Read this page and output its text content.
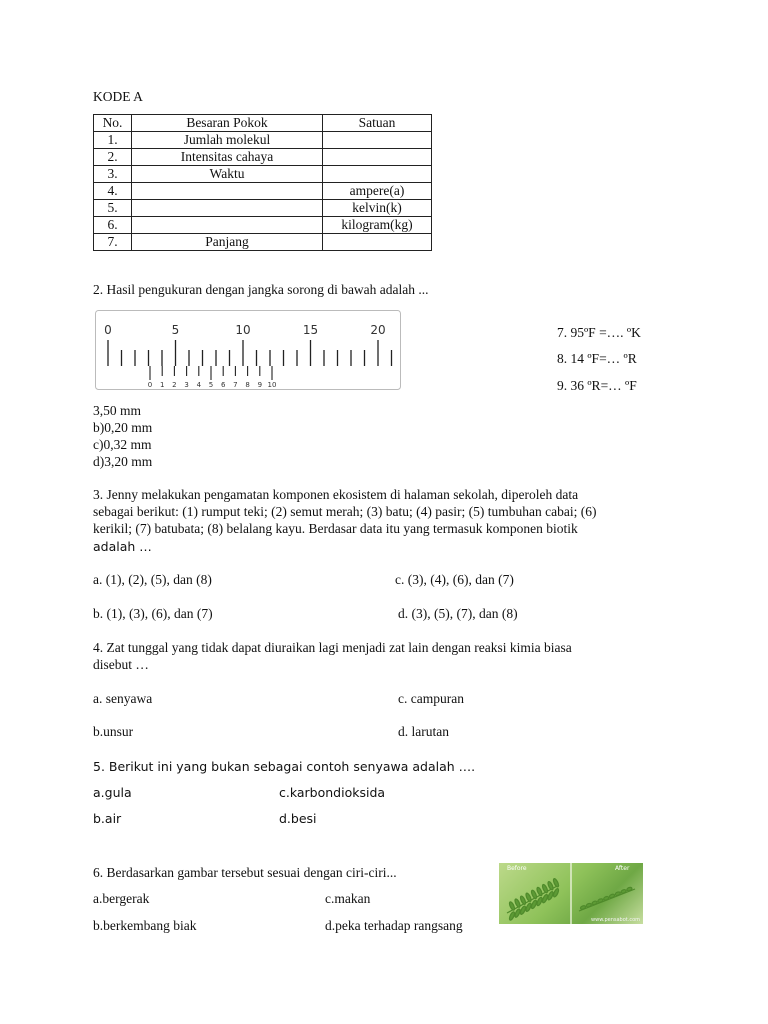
KODE A
No.	Besaran Pokok	Satuan
1.	Jumlah molekul	
2.	Intensitas cahaya	
3.	Waktu	
4.		ampere(a)
5.		kelvin(k)
6.		kilogram(kg)
7.	Panjang	
2. Hasil pengukuran dengan jangka sorong di bawah adalah ...
0	5	10	15	20
0 1 2 3 4 5 6 7 8 9 10
7. 95ºF =…. ºK
8. 14 ºF=… ºR
9. 36 ºR=… ºF
3,50 mm
b)0,20 mm
c)0,32 mm
d)3,20 mm
3. Jenny melakukan pengamatan komponen ekosistem di halaman sekolah, diperoleh data
sebagai berikut: (1) rumput teki; (2) semut merah; (3) batu; (4) pasir; (5) tumbuhan cabai; (6)
kerikil; (7) batubata; (8) belalang kayu. Berdasar data itu yang termasuk komponen biotik
adalah …
a. (1), (2), (5), dan (8)	c. (3), (4), (6), dan (7)
b. (1), (3), (6), dan (7)	d. (3), (5), (7), dan (8)
4. Zat tunggal yang tidak dapat diuraikan lagi menjadi zat lain dengan reaksi kimia biasa
disebut …
a. senyawa	c. campuran
b.unsur	d. larutan
5. Berikut ini yang bukan sebagai contoh senyawa adalah ….
a.gula	c.karbondioksida
b.air	d.besi
6. Berdasarkan gambar tersebut sesuai dengan ciri-ciri...
a.bergerak	c.makan
b.berkembang biak	d.peka terhadap rangsang
Before	After
www.pensabot.com
